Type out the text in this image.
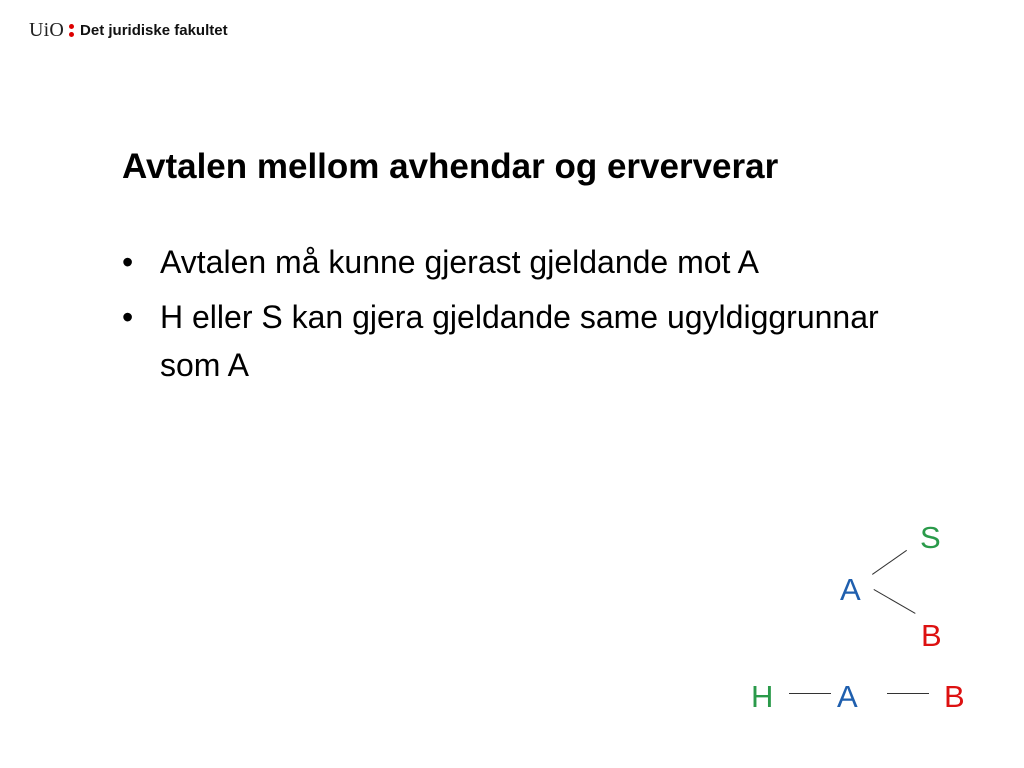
UiO Det juridiske fakultet
Avtalen mellom avhendar og erververar
• Avtalen må kunne gjerast gjeldande mot A
• H eller S kan gjera gjeldande same ugyldiggrunnar som A
S
A
B
H A	B
